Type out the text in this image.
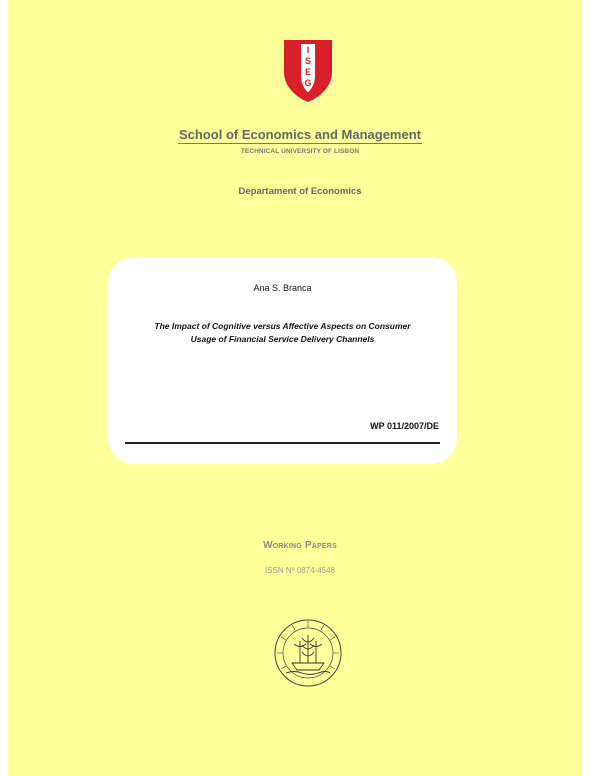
I
S
E
G
School of Economics and Management
TECHNICAL UNIVERSITY OF LISBON
Departament of Economics
Ana S. Branca
The Impact of Cognitive versus Affective Aspects on Consumer
Usage of Financial Service Delivery Channels
WP 011/2007/DE
Working Papers
ISSN Nº 0874-4548
